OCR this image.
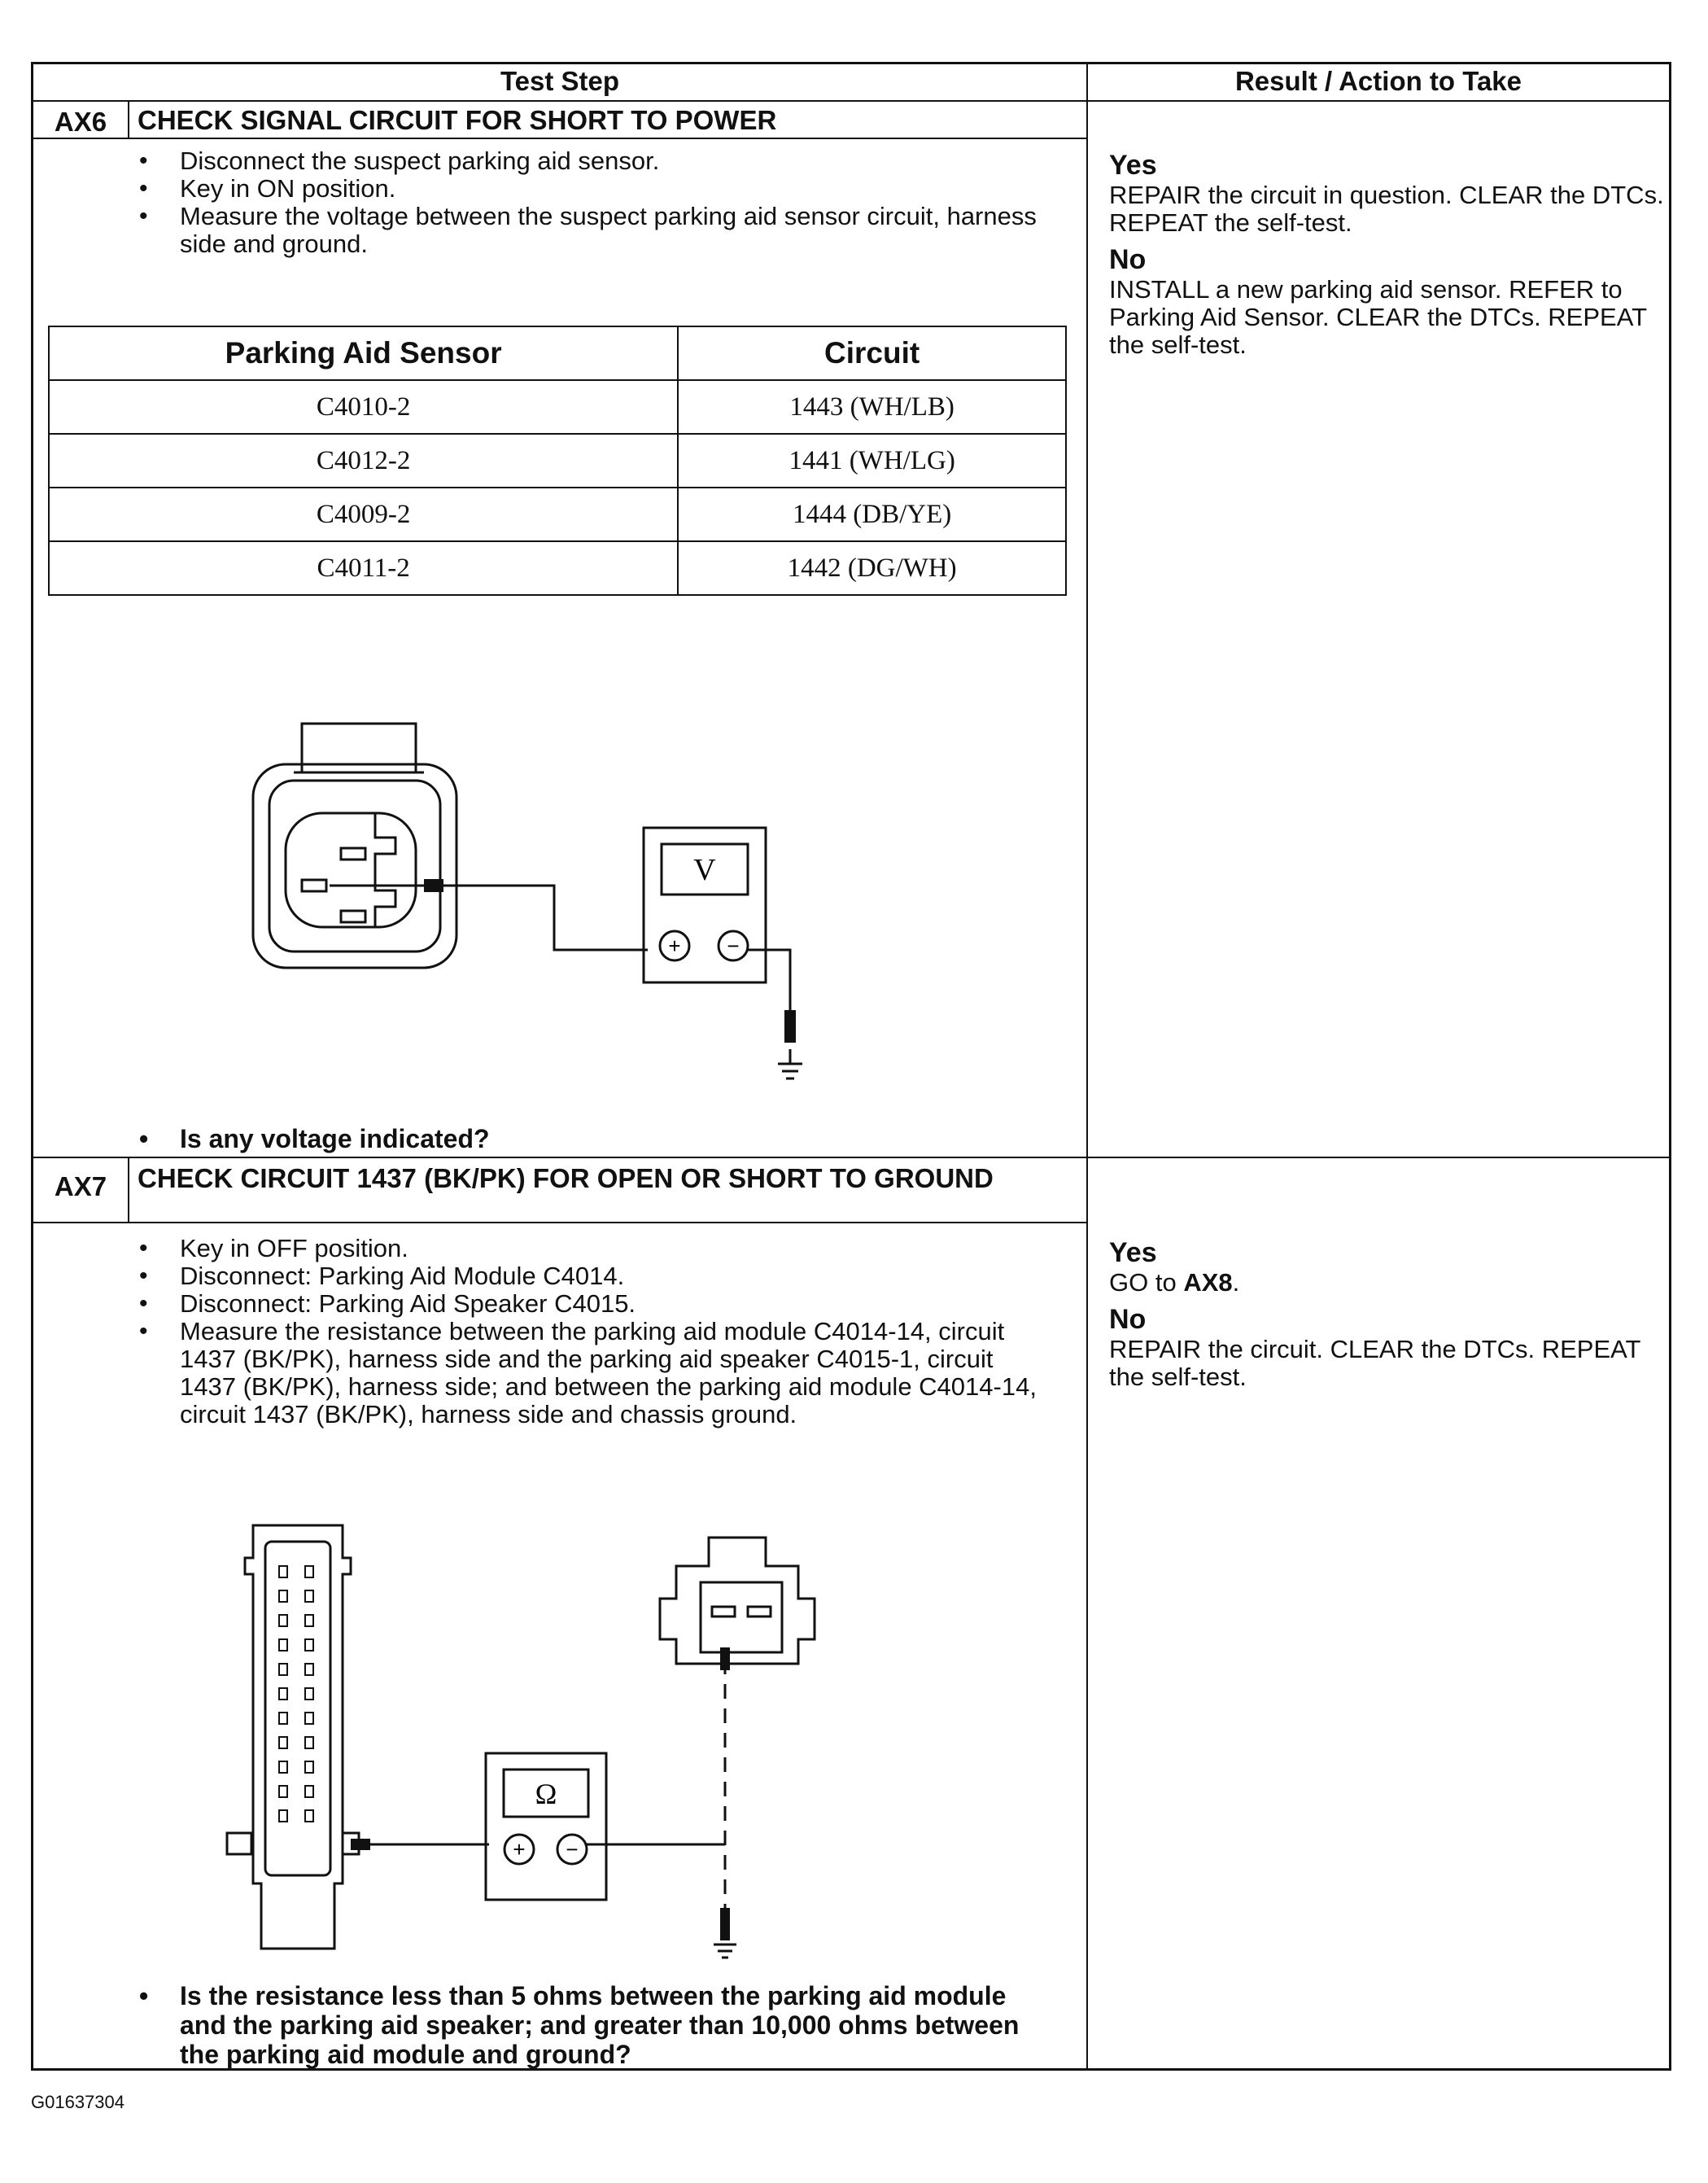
Test Step	Result / Action to Take
AX6	CHECK SIGNAL CIRCUIT FOR SHORT TO POWER
• Disconnect the suspect parking aid sensor.
• Key in ON position.
• Measure the voltage between the suspect parking aid sensor circuit, harness side and ground.
Parking Aid Sensor	Circuit
C4010-2	1443 (WH/LB)
C4012-2	1441 (WH/LG)
C4009-2	1444 (DB/YE)
C4011-2	1442 (DG/WH)
V
+ −
• Is any voltage indicated?
Yes

REPAIR the circuit in question. CLEAR the DTCs. REPEAT the self-test.

No

INSTALL a new parking aid sensor. REFER to Parking Aid Sensor. CLEAR the DTCs. REPEAT the self-test.

AX7	CHECK CIRCUIT 1437 (BK/PK) FOR OPEN OR SHORT TO GROUND
• Key in OFF position.
• Disconnect: Parking Aid Module C4014.
• Disconnect: Parking Aid Speaker C4015.
• Measure the resistance between the parking aid module C4014-14, circuit 1437 (BK/PK), harness side and the parking aid speaker C4015-1, circuit 1437 (BK/PK), harness side; and between the parking aid module C4014-14, circuit 1437 (BK/PK), harness side and chassis ground.
Ω
+ −
• Is the resistance less than 5 ohms between the parking aid module and the parking aid speaker; and greater than 10,000 ohms between the parking aid module and ground?
Yes

GO to AX8.

No

REPAIR the circuit. CLEAR the DTCs. REPEAT the self-test.

G01637304
